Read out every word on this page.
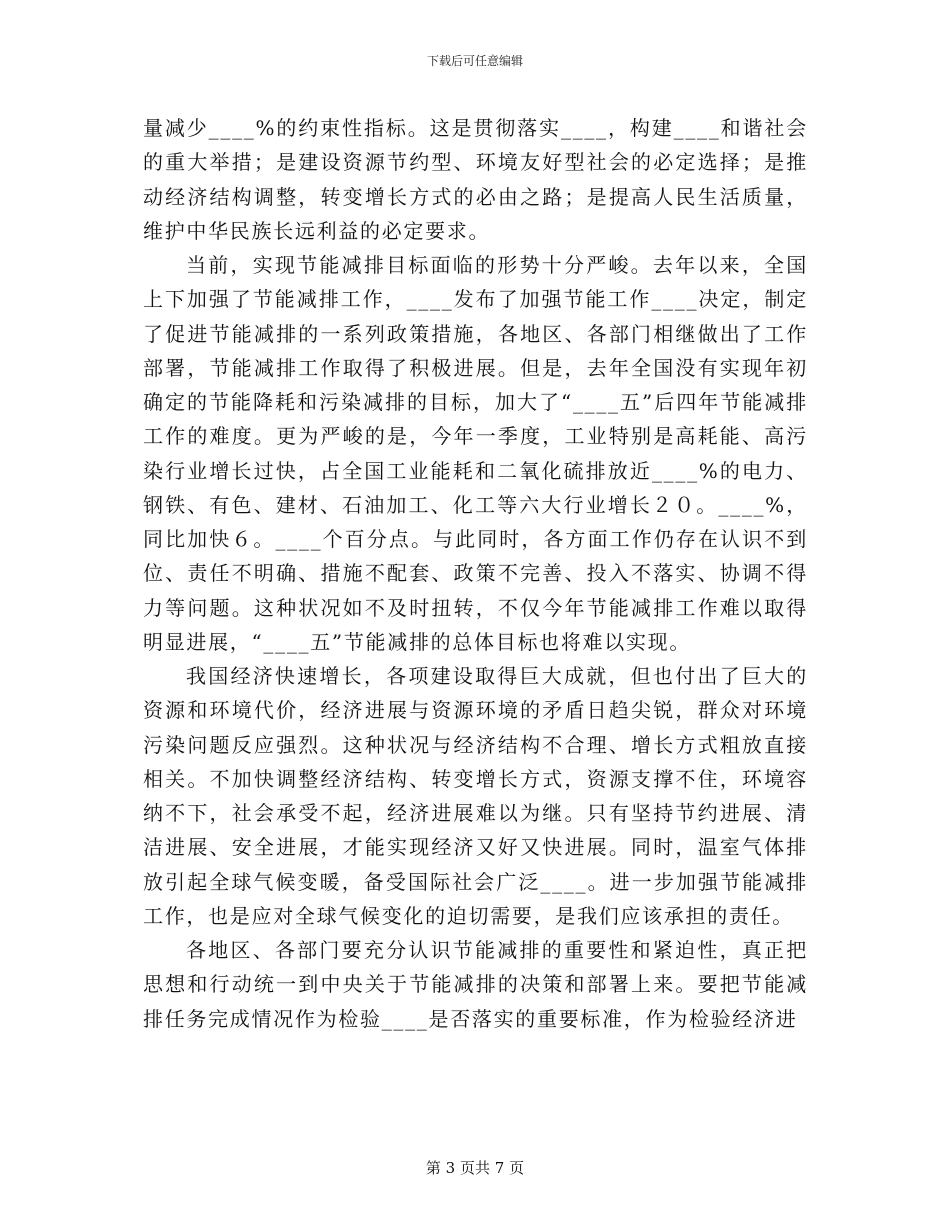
下载后可任意编辑

量减少____%的约束性指标。这是贯彻落实____，构建____和谐社会的重大举措；是建设资源节约型、环境友好型社会的必定选择；是推动经济结构调整，转变增长方式的必由之路；是提高人民生活质量，维护中华民族长远利益的必定要求。

当前，实现节能减排目标面临的形势十分严峻。去年以来，全国上下加强了节能减排工作，____发布了加强节能工作____决定，制定了促进节能减排的一系列政策措施，各地区、各部门相继做出了工作部署，节能减排工作取得了积极进展。但是，去年全国没有实现年初确定的节能降耗和污染减排的目标，加大了“____五”后四年节能减排工作的难度。更为严峻的是，今年一季度，工业特别是高耗能、高污染行业增长过快，占全国工业能耗和二氧化硫排放近____%的电力、钢铁、有色、建材、石油加工、化工等六大行业增长２０。____%，同比加快６。____个百分点。与此同时，各方面工作仍存在认识不到位、责任不明确、措施不配套、政策不完善、投入不落实、协调不得力等问题。这种状况如不及时扭转，不仅今年节能减排工作难以取得明显进展，“____五”节能减排的总体目标也将难以实现。

我国经济快速增长，各项建设取得巨大成就，但也付出了巨大的资源和环境代价，经济进展与资源环境的矛盾日趋尖锐，群众对环境污染问题反应强烈。这种状况与经济结构不合理、增长方式粗放直接相关。不加快调整经济结构、转变增长方式，资源支撑不住，环境容纳不下，社会承受不起，经济进展难以为继。只有坚持节约进展、清洁进展、安全进展，才能实现经济又好又快进展。同时，温室气体排放引起全球气候变暖，备受国际社会广泛____。进一步加强节能减排工作，也是应对全球气候变化的迫切需要，是我们应该承担的责任。

各地区、各部门要充分认识节能减排的重要性和紧迫性，真正把思想和行动统一到中央关于节能减排的决策和部署上来。要把节能减排任务完成情况作为检验____是否落实的重要标准，作为检验经济进

第 3 页共 7 页
